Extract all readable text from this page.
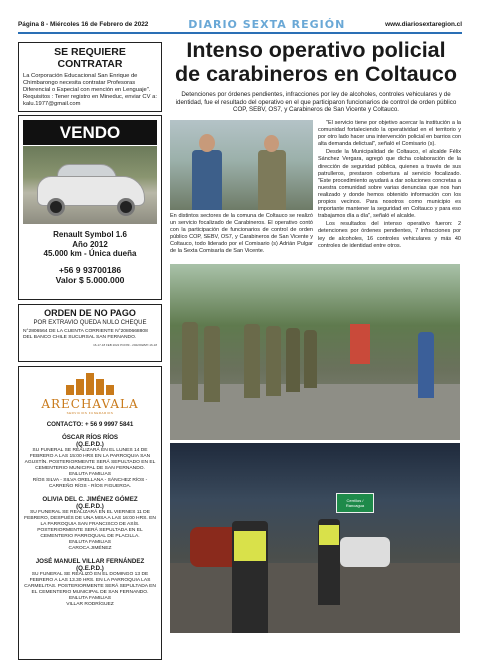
Página 8 - Miércoles 16 de Febrero de 2022	DIARIO SEXTA REGIÓN	www.diariosextaregion.cl
SE REQUIERE CONTRATAR
La Corporación Educacional San Enrique de Chimbarongo necesita contratar Profesoras Diferencial o Especial con mención en Lenguaje". Requisitos : Tener registro en Mineduc, enviar CV a: kalu.1977@gmail.com
VENDO
Renault Symbol 1.6
Año 2012
45.000 km - Única dueña
+56 9 93700186
Valor $ 5.000.000
ORDEN DE NO PAGO
POR EXTRAVIO QUEDA NULO CHEQUE
N°2806564 DE LA CUENTA CORRIENTE N°2080668808 DEL BANCO CHILE SUCURSAL SAN FERNANDO.
16-17-18 FEB 2022 PCF89 - 2022/FEB/P-16-18
ARECHAVALA
SERVICIOS FUNERARIOS
CONTACTO: + 56 9 9997 5841
ÓSCAR RÍOS RÍOS
(Q.E.P.D.)
SU FUNERAL SE REALIZARÁ EN EL LUNES 14 DE FEBRERO A LAS 15:00 HRS EN LA PARROQUIA SAN AGUSTÍN. POSTERIORMENTE SERÁ SEPULTADO EN EL CEMENTERIO MUNICIPAL DE SAN FERNANDO.
ENLUTA FAMILIAS
RÍOS SILVA - SILVA ORELLANA - SÁNCHEZ RÍOS - CARREÑO RÍOS - RÍOS FIGUEROA.
OLIVIA DEL C. JIMÉNEZ GÓMEZ
(Q.E.P.D.)
SU FUNERAL SE REALIZARÁ EN EL VIERNES 11 DE FEBRERO, DESPUÉS DE UNA MISA A LAS 16:00 HRS. EN LA PARROQUIA SAN FRANCISCO DE ASÍS. POSTERIORMENTE SERÁ SEPULTADA EN EL CEMENTERIO PARROQUIAL DE PLACILLA.
ENLUTA FAMILIAS
CAROCA JIMÉNEZ
JOSÉ MANUEL VILLAR FERNÁNDEZ
(Q.E.P.D.)
SU FUNERAL SE REALIZÓ EN EL DOMINGO 13 DE FEBRERO A LAS 13.30 HRS. EN LA PARROQUIA LAS CARMELITAS. POSTERIORMENTE SERÁ SEPULTADA EN EL CEMENTERIO MUNICIPAL DE SAN FERNANDO.
ENLUTA FAMILIAS
VILLAR RODRÍGUEZ
Intenso operativo policial
de carabineros en Coltauco
Detenciones por órdenes pendientes, infracciones por ley de alcoholes, controles vehiculares y de identidad, fue el resultado del operativo en el que participaron funcionarios de control de orden público COP, SEBV, OS7, y Carabineros de San Vicente y Coltauco.
En distintos sectores de la comuna de Coltauco se realizó un servicio focalizado de Carabineros. El operativo contó con la participación de funcionarios de control de orden público COP, SEBV, OS7, y Carabineros de San Vicente y Coltauco, todo liderado por el Comisario (s) Adrián Pulgar de la Sexta Comisaría de San Vicente.

"El servicio tiene por objetivo acercar la institución a la comunidad fortaleciendo la operatividad en el territorio y por otro lado hacer una intervención policial en barrios con alta demanda delictual", señaló el Comisario (s).

Desde la Municipalidad de Coltauco, el alcalde Félix Sánchez Vergara, agregó que dicha colaboración de la dirección de seguridad pública, quienes a través de sus patrulleros, prestaron cobertura al servicio focalizado. "Este procedimiento ayudará a dar soluciones concretas a nuestra comunidad sobre varias denuncias que nos han realizado y donde hemos obtenido información con los propios vecinos. Para nosotros como municipio es importante mantener la seguridad en Coltauco y para eso trabajamos día a día", señaló el alcalde.

Los resultados del intenso operativo fueron: 2 detenciones por órdenes pendientes, 7 infracciones por ley de alcoholes, 16 controles vehiculares y más 40 controles de identidad entre otros.

Cerrillos / Rancagua
